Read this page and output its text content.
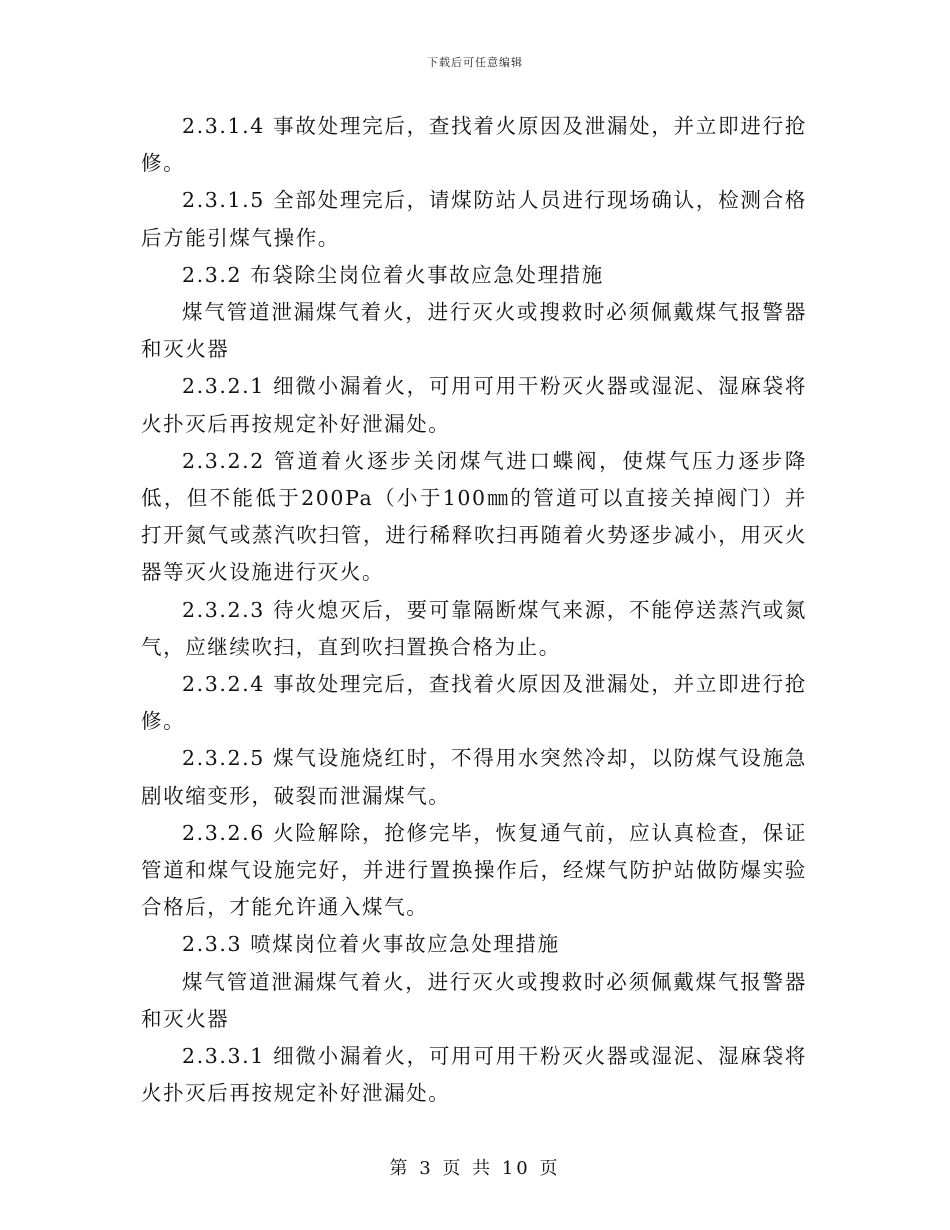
下载后可任意编辑

2.3.1.4 事故处理完后，查找着火原因及泄漏处，并立即进行抢修。

2.3.1.5 全部处理完后，请煤防站人员进行现场确认，检测合格后方能引煤气操作。

2.3.2 布袋除尘岗位着火事故应急处理措施

煤气管道泄漏煤气着火，进行灭火或搜救时必须佩戴煤气报警器和灭火器

2.3.2.1 细微小漏着火，可用可用干粉灭火器或湿泥、湿麻袋将火扑灭后再按规定补好泄漏处。

2.3.2.2 管道着火逐步关闭煤气进口蝶阀，使煤气压力逐步降低，但不能低于200Pa（小于100㎜的管道可以直接关掉阀门）并打开氮气或蒸汽吹扫管，进行稀释吹扫再随着火势逐步减小，用灭火器等灭火设施进行灭火。

2.3.2.3 待火熄灭后，要可靠隔断煤气来源，不能停送蒸汽或氮气，应继续吹扫，直到吹扫置换合格为止。

2.3.2.4 事故处理完后，查找着火原因及泄漏处，并立即进行抢修。

2.3.2.5 煤气设施烧红时，不得用水突然冷却，以防煤气设施急剧收缩变形，破裂而泄漏煤气。

2.3.2.6 火险解除，抢修完毕，恢复通气前，应认真检查，保证管道和煤气设施完好，并进行置换操作后，经煤气防护站做防爆实验合格后，才能允许通入煤气。

2.3.3 喷煤岗位着火事故应急处理措施

煤气管道泄漏煤气着火，进行灭火或搜救时必须佩戴煤气报警器和灭火器

2.3.3.1 细微小漏着火，可用可用干粉灭火器或湿泥、湿麻袋将火扑灭后再按规定补好泄漏处。

第 3 页 共 10 页
